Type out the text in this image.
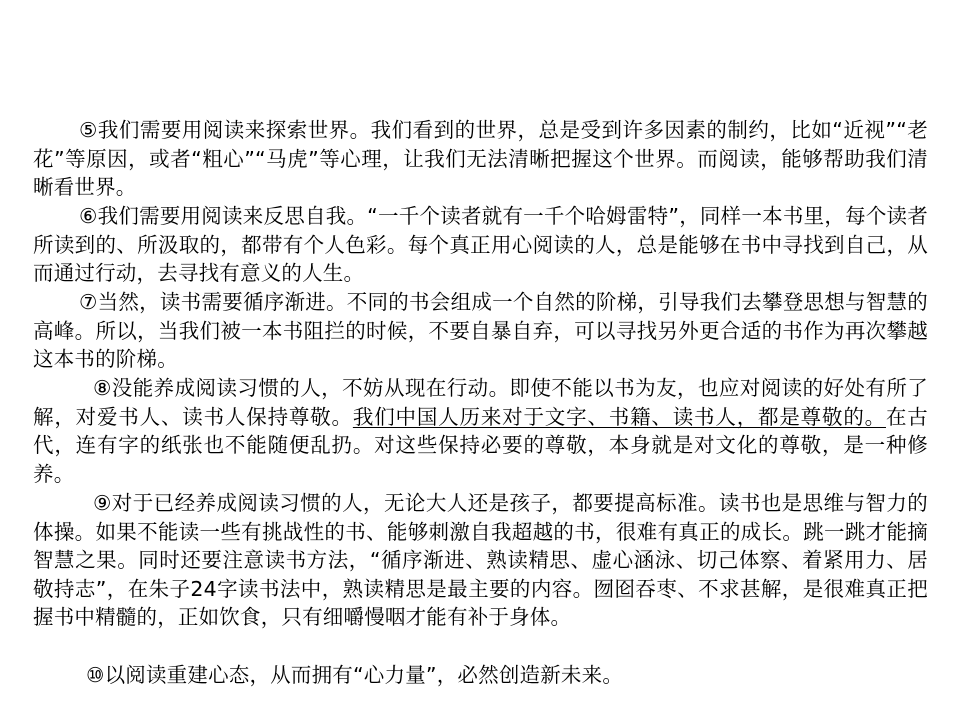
⑤我们需要用阅读来探索世界。我们看到的世界，总是受到许多因素的制约，比如“近视”“老花”等原因，或者“粗心”“马虎”等心理，让我们无法清晰把握这个世界。而阅读，能够帮助我们清晰看世界。

⑥我们需要用阅读来反思自我。“一千个读者就有一千个哈姆雷特”，同样一本书里，每个读者所读到的、所汲取的，都带有个人色彩。每个真正用心阅读的人，总是能够在书中寻找到自己，从而通过行动，去寻找有意义的人生。

⑦当然，读书需要循序渐进。不同的书会组成一个自然的阶梯，引导我们去攀登思想与智慧的高峰。所以，当我们被一本书阻拦的时候，不要自暴自弃，可以寻找另外更合适的书作为再次攀越这本书的阶梯。

⑧没能养成阅读习惯的人，不妨从现在行动。即使不能以书为友，也应对阅读的好处有所了解，对爱书人、读书人保持尊敬。我们中国人历来对于文字、书籍、读书人，都是尊敬的。在古代，连有字的纸张也不能随便乱扔。对这些保持必要的尊敬，本身就是对文化的尊敬，是一种修养。

⑨对于已经养成阅读习惯的人，无论大人还是孩子，都要提高标准。读书也是思维与智力的体操。如果不能读一些有挑战性的书、能够刺激自我超越的书，很难有真正的成长。跳一跳才能摘智慧之果。同时还要注意读书方法，“循序渐进、熟读精思、虚心涵泳、切己体察、着紧用力、居敬持志”，在朱子24字读书法中，熟读精思是最主要的内容。囫囵吞枣、不求甚解，是很难真正把握书中精髓的，正如饮食，只有细嚼慢咽才能有补于身体。

⑩以阅读重建心态，从而拥有“心力量”，必然创造新未来。
